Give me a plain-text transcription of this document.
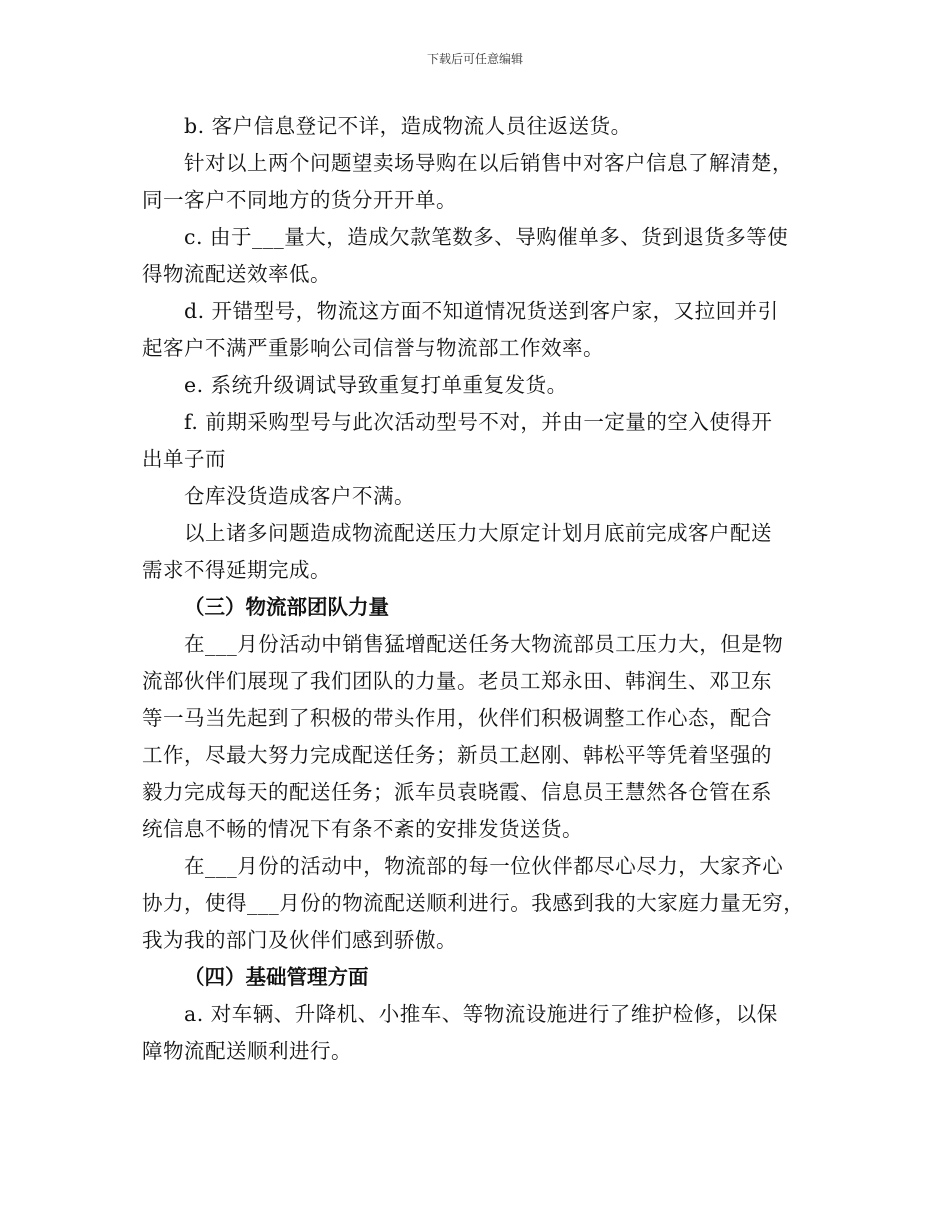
下载后可任意编辑
b. 客户信息登记不详，造成物流人员往返送货。
针对以上两个问题望卖场导购在以后销售中对客户信息了解清楚，
同一客户不同地方的货分开开单。
c. 由于___量大，造成欠款笔数多、导购催单多、货到退货多等使
得物流配送效率低。
d. 开错型号，物流这方面不知道情况货送到客户家，又拉回并引
起客户不满严重影响公司信誉与物流部工作效率。
e. 系统升级调试导致重复打单重复发货。
f. 前期采购型号与此次活动型号不对，并由一定量的空入使得开
出单子而
仓库没货造成客户不满。
以上诸多问题造成物流配送压力大原定计划月底前完成客户配送
需求不得延期完成。
（三）物流部团队力量
在___月份活动中销售猛增配送任务大物流部员工压力大，但是物
流部伙伴们展现了我们团队的力量。老员工郑永田、韩润生、邓卫东
等一马当先起到了积极的带头作用，伙伴们积极调整工作心态，配合
工作，尽最大努力完成配送任务；新员工赵刚、韩松平等凭着坚强的
毅力完成每天的配送任务；派车员袁晓霞、信息员王慧然各仓管在系
统信息不畅的情况下有条不紊的安排发货送货。
在___月份的活动中，物流部的每一位伙伴都尽心尽力，大家齐心
协力，使得___月份的物流配送顺利进行。我感到我的大家庭力量无穷，
我为我的部门及伙伴们感到骄傲。
（四）基础管理方面
a. 对车辆、升降机、小推车、等物流设施进行了维护检修，以保
障物流配送顺利进行。
